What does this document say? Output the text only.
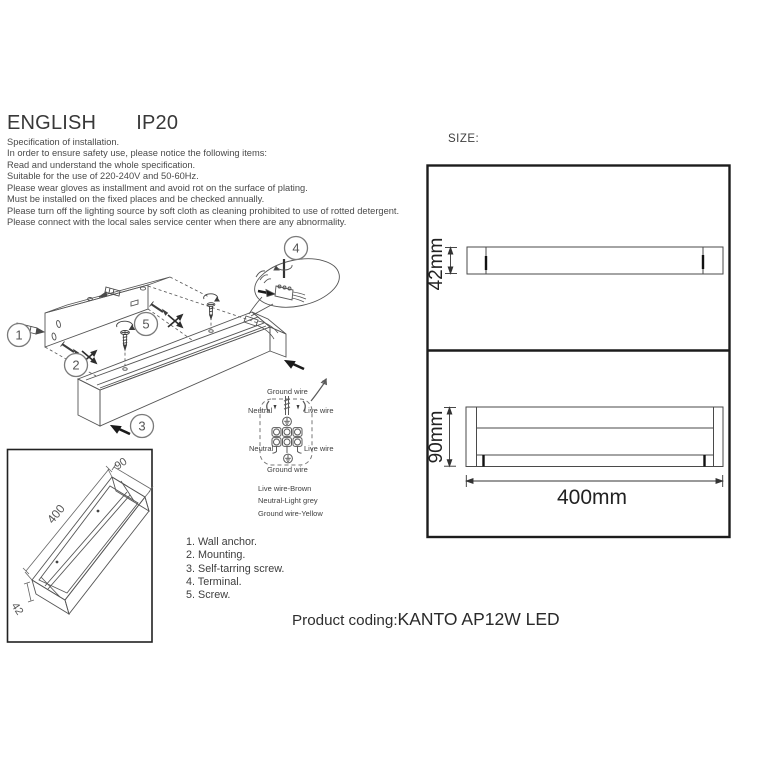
1
2
3
4
5
ENGLISH IP20
Specification of installation.
In order to ensure safety use, please notice the following items:
Read and understand the whole specification.
Suitable for the use of 220-240V and 50-60Hz.
Please wear gloves as installment and avoid rot on the surface of plating.
Must be installed on the fixed places and be checked annually.
Please turn off the lighting source by soft cloth as cleaning prohibited to use of rotted detergent.
Please connect with the local sales service center when there are any abnormality.
SIZE:
42mm
90mm
400mm
400
90
42
Ground wire
Neutral	Live wire
Neutral	Live wire
Ground wire
Live wire-Brown
Neutral-Light grey
Ground wire-Yellow
1. Wall anchor.
2. Mounting.
3. Self-tarring screw.
4. Terminal.
5. Screw.
Product coding:KANTO AP12W LED
